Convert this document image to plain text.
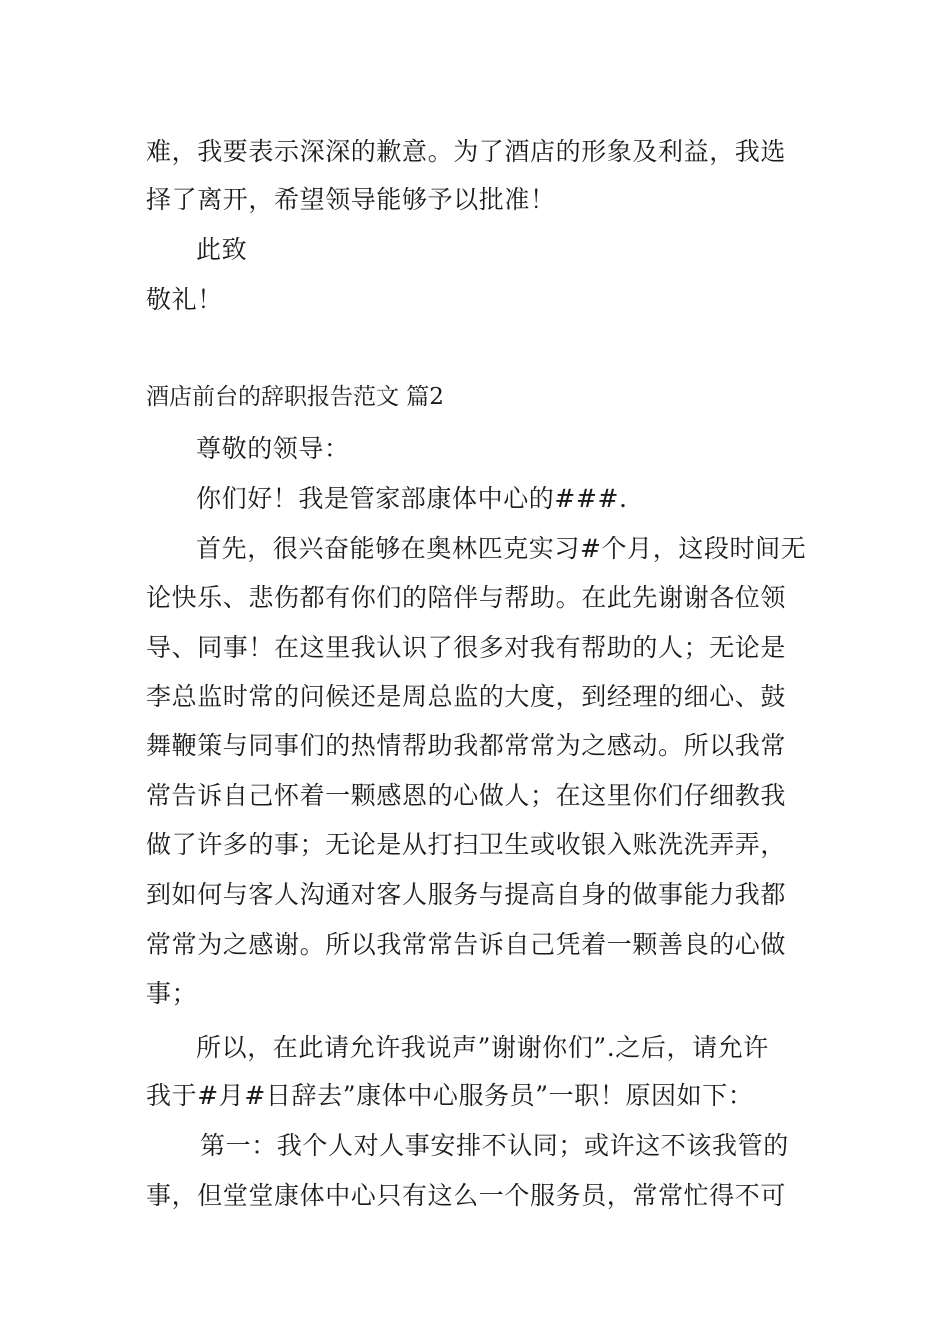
难，我要表示深深的歉意。为了酒店的形象及利益，我选
择了离开，希望领导能够予以批准！
此致
敬礼！
酒店前台的辞职报告范文 篇2
尊敬的领导：
你们好！我是管家部康体中心的###.
首先，很兴奋能够在奥林匹克实习#个月，这段时间无
论快乐、悲伤都有你们的陪伴与帮助。在此先谢谢各位领
导、同事！在这里我认识了很多对我有帮助的人；无论是
李总监时常的问候还是周总监的大度，到经理的细心、鼓
舞鞭策与同事们的热情帮助我都常常为之感动。所以我常
常告诉自己怀着一颗感恩的心做人；在这里你们仔细教我
做了许多的事；无论是从打扫卫生或收银入账洗洗弄弄，
到如何与客人沟通对客人服务与提高自身的做事能力我都
常常为之感谢。所以我常常告诉自己凭着一颗善良的心做
事；
所以，在此请允许我说声”谢谢你们”.之后，请允许
我于#月#日辞去”康体中心服务员”一职！原因如下：
第一：我个人对人事安排不认同；或许这不该我管的
事，但堂堂康体中心只有这么一个服务员，常常忙得不可
